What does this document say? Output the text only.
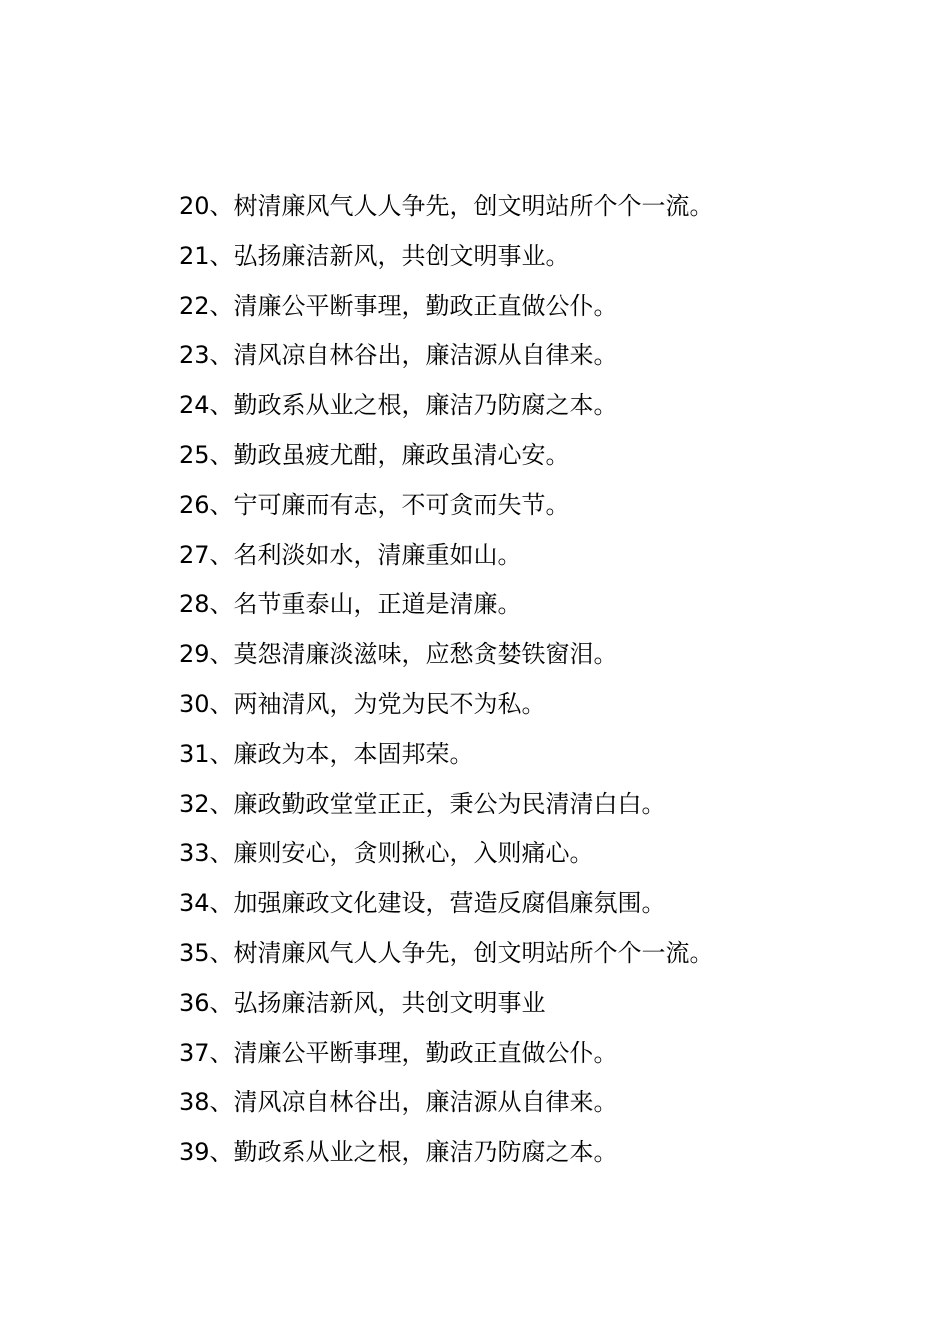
20、树清廉风气人人争先，创文明站所个个一流。
21、弘扬廉洁新风，共创文明事业。
22、清廉公平断事理，勤政正直做公仆。
23、清风凉自林谷出，廉洁源从自律来。
24、勤政系从业之根，廉洁乃防腐之本。
25、勤政虽疲尤酣，廉政虽清心安。
26、宁可廉而有志，不可贪而失节。
27、名利淡如水，清廉重如山。
28、名节重泰山，正道是清廉。
29、莫怨清廉淡滋味，应愁贪婪铁窗泪。
30、两袖清风，为党为民不为私。
31、廉政为本，本固邦荣。
32、廉政勤政堂堂正正，秉公为民清清白白。
33、廉则安心，贪则揪心，入则痛心。
34、加强廉政文化建设，营造反腐倡廉氛围。
35、树清廉风气人人争先，创文明站所个个一流。
36、弘扬廉洁新风，共创文明事业
37、清廉公平断事理，勤政正直做公仆。
38、清风凉自林谷出，廉洁源从自律来。
39、勤政系从业之根，廉洁乃防腐之本。
